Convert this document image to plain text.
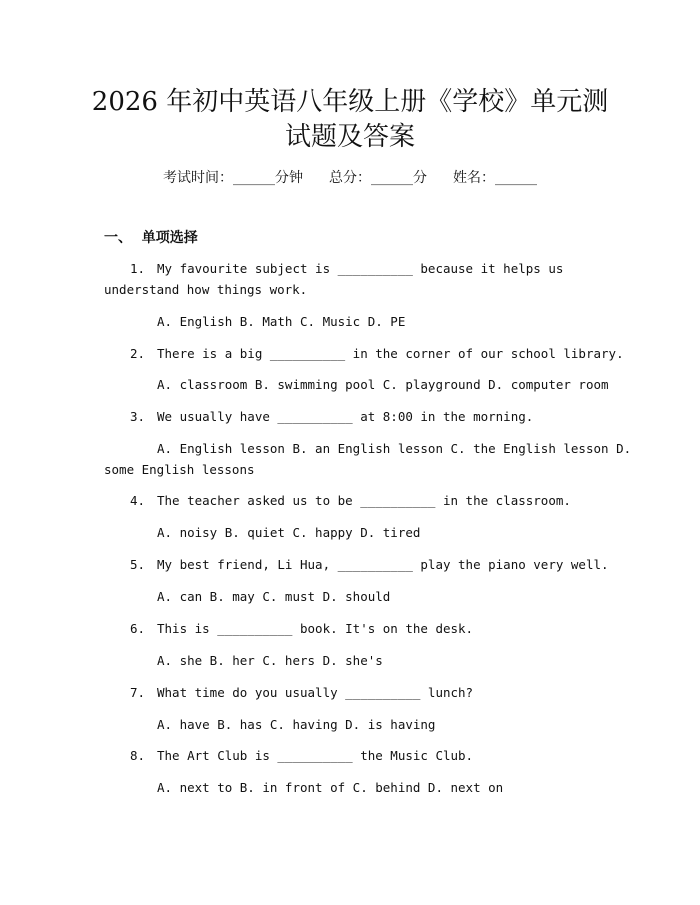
2026 年初中英语八年级上册《学校》单元测
试题及答案
考试时间：______分钟 总分：______分 姓名：______
一、  单项选择
1. My favourite subject is __________ because it helps us
understand how things work.
A. English B. Math C. Music D. PE
2. There is a big __________ in the corner of our school library.
A. classroom B. swimming pool C. playground D. computer room
3. We usually have __________ at 8:00 in the morning.
A. English lesson B. an English lesson C. the English lesson D.
some English lessons
4. The teacher asked us to be __________ in the classroom.
A. noisy B. quiet C. happy D. tired
5. My best friend, Li Hua, __________ play the piano very well.
A. can B. may C. must D. should
6. This is __________ book. It's on the desk.
A. she B. her C. hers D. she's
7. What time do you usually __________ lunch?
A. have B. has C. having D. is having
8. The Art Club is __________ the Music Club.
A. next to B. in front of C. behind D. next on
